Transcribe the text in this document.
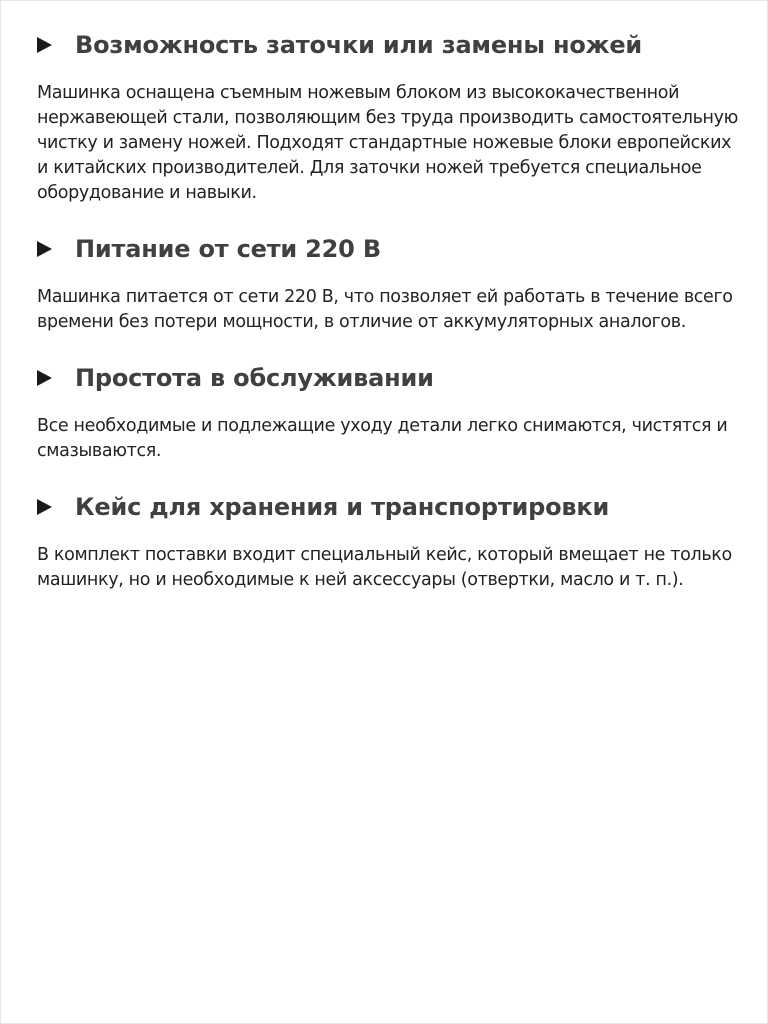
Возможность заточки или замены ножей

Машинка оснащена съемным ножевым блоком из высококачественной нержавеющей стали, позволяющим без труда производить самостоятельную чистку и замену ножей. Подходят стандартные ножевые блоки европейских и китайских производителей. Для заточки ножей требуется специальное оборудование и навыки.

Питание от сети 220 В

Машинка питается от сети 220 В, что позволяет ей работать в течение всего времени без потери мощности, в отличие от аккумуляторных аналогов.

Простота в обслуживании

Все необходимые и подлежащие уходу детали легко снимаются, чистятся и смазываются.

Кейс для хранения и транспортировки

В комплект поставки входит специальный кейс, который вмещает не только машинку, но и необходимые к ней аксессуары (отвертки, масло и т. п.).
